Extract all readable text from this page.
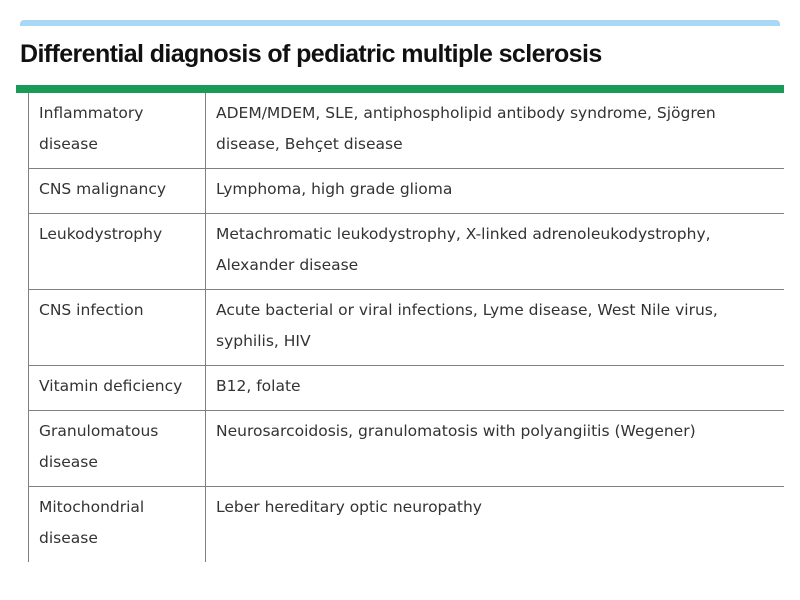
Differential diagnosis of pediatric multiple sclerosis
Inflammatory disease	ADEM/MDEM, SLE, antiphospholipid antibody syndrome, Sjögren disease, Behçet disease
CNS malignancy	Lymphoma, high grade glioma
Leukodystrophy	Metachromatic leukodystrophy, X-linked adrenoleukodystrophy, Alexander disease
CNS infection	Acute bacterial or viral infections, Lyme disease, West Nile virus, syphilis, HIV
Vitamin deficiency	B12, folate
Granulomatous disease	Neurosarcoidosis, granulomatosis with polyangiitis (Wegener)
Mitochondrial disease	Leber hereditary optic neuropathy
